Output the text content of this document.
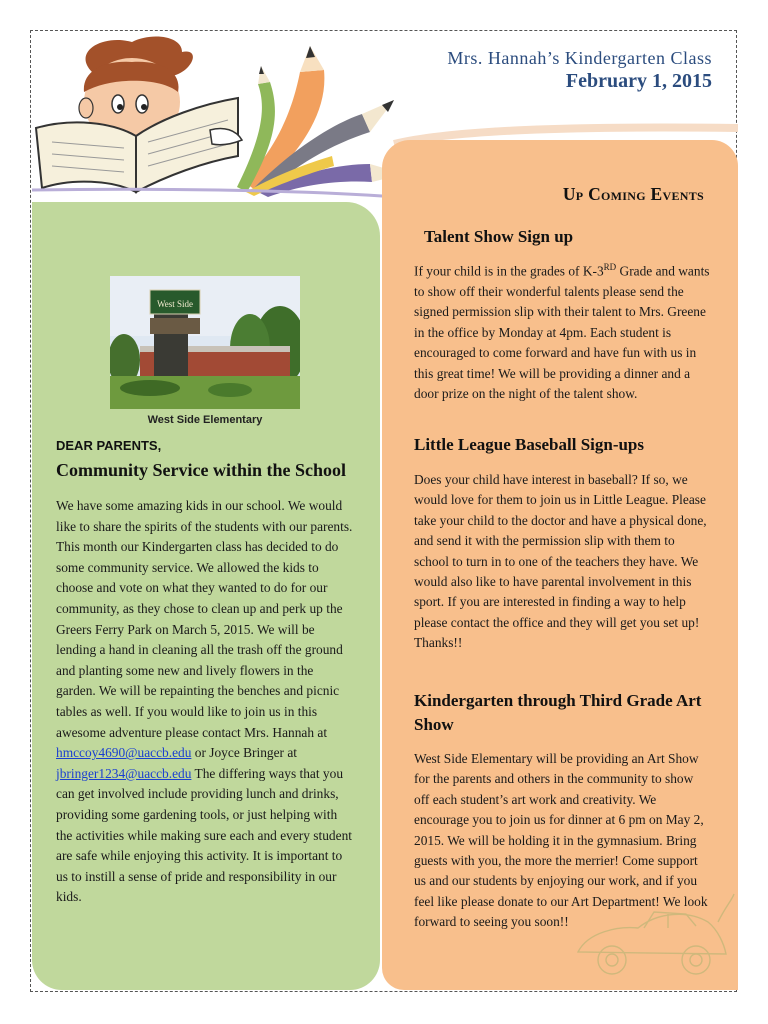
Mrs. Hannah’s Kindergarten Class
February 1, 2015
West Side
West Side Elementary
DEAR PARENTS,
Community Service within the School
We have some amazing kids in our school. We would like to share the spirits of the students with our parents. This month our Kindergarten class has decided to do some community service. We allowed the kids to choose and vote on what they wanted to do for our community, as they chose to clean up and perk up the Greers Ferry Park on March 5, 2015. We will be lending a hand in cleaning all the trash off the ground and planting some new and lively flowers in the garden. We will be repainting the benches and picnic tables as well. If you would like to join us in this awesome adventure please contact Mrs. Hannah at hmccoy4690@uaccb.edu or Joyce Bringer at jbringer1234@uaccb.edu The differing ways that you can get involved include providing lunch and drinks, providing some gardening tools, or just helping with the activities while making sure each and every student are safe while enjoying this activity. It is important to us to instill a sense of pride and responsibility in our kids.
Up Coming Events
Talent Show Sign up
If your child is in the grades of K-3RD Grade and wants to show off their wonderful talents please send the signed permission slip with their talent to Mrs. Greene in the office by Monday at 4pm. Each student is encouraged to come forward and have fun with us in this great time! We will be providing a dinner and a door prize on the night of the talent show.
Little League Baseball Sign-ups
Does your child have interest in baseball? If so, we would love for them to join us in Little League. Please take your child to the doctor and have a physical done, and send it with the permission slip with them to school to turn in to one of the teachers they have. We would also like to have parental involvement in this sport. If you are interested in finding a way to help please contact the office and they will get you set up! Thanks!!
Kindergarten through Third Grade Art Show
West Side Elementary will be providing an Art Show for the parents and others in the community to show off each student’s art work and creativity. We encourage you to join us for dinner at 6 pm on May 2, 2015. We will be holding it in the gymnasium. Bring guests with you, the more the merrier! Come support us and our students by enjoying our work, and if you feel like please donate to our Art Department! We look forward to seeing you soon!!
